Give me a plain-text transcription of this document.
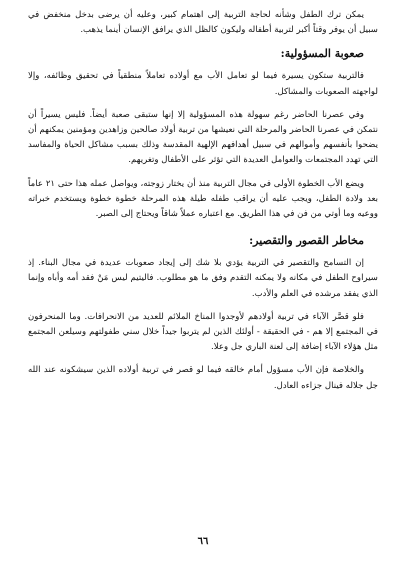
يمكن ترك الطفل وشأنه لحاجة التربية إلى اهتمام كبير، وعليه أن يرضى بدخل منخفض في سبيل أن يوفر وقتاً أكبر لتربية أطفاله وليكون كالظل الذي يرافق الإنسان أينما يذهب.

صعوبة المسؤولية:

فالتربية ستكون يسيرة فيما لو تعامل الأب مع أولاده تعاملاً منطقياً في تحقيق وظائفه، وإلا لواجهته الصعوبات والمشاكل.

وفي عصرنا الحاضر رغم سهولة هذه المسؤولية إلا إنها ستبقى صعبة أيضاً. فليس يسيراً أن نتمكن في عصرنا الحاضر والمرحلة التي نعيشها من تربية أولاد صالحين وزاهدين ومؤمنين يمكنهم أن يضحوا بأنفسهم وأموالهم في سبيل أهدافهم الإلهية المقدسة وذلك بسبب مشاكل الحياة والمفاسد التي تهدد المجتمعات والعوامل العديدة التي تؤثر على الأطفال وتغريهم.

ويضع الأب الخطوة الأولى في مجال التربية منذ أن يختار زوجته، ويواصل عمله هذا حتى ٢١ عاماً بعد ولادة الطفل، ويجب عليه أن يراقب طفله طيلة هذه المرحلة خطوة خطوة ويستخدم خبراته ووعيه وما أوتي من فن في هذا الطريق. مع اعتباره عملاً شاقاً ويحتاج إلى الصبر.

مخاطر القصور والتقصير:

إن التسامح والتقصير في التربية يؤدي بلا شك إلى إيجاد صعوبات عديدة في مجال البناء. إذ سيراوح الطفل في مكانه ولا يمكنه التقدم وفق ما هو مطلوب. فاليتيم ليس مَنْ فقد أمه وأباه وإنما الذي يفقد مرشده في العلم والأدب.

فلو قصَّر الآباء في تربية أولادهم لأوجدوا المناخ الملائم للعديد من الانحرافات. وما المنحرفون في المجتمع إلا هم - في الحقيقة - أولئك الذين لم يتربوا جيداً خلال سني طفولتهم وسيلعن المجتمع مثل هؤلاء الآباء إضافة إلى لعنة الباري جل وعلا.

والخلاصة فإن الأب مسؤول أمام خالقه فيما لو قصر في تربية أولاده الذين سيشكونه عند الله جل جلاله فينال جزاءه العادل.

٦٦
